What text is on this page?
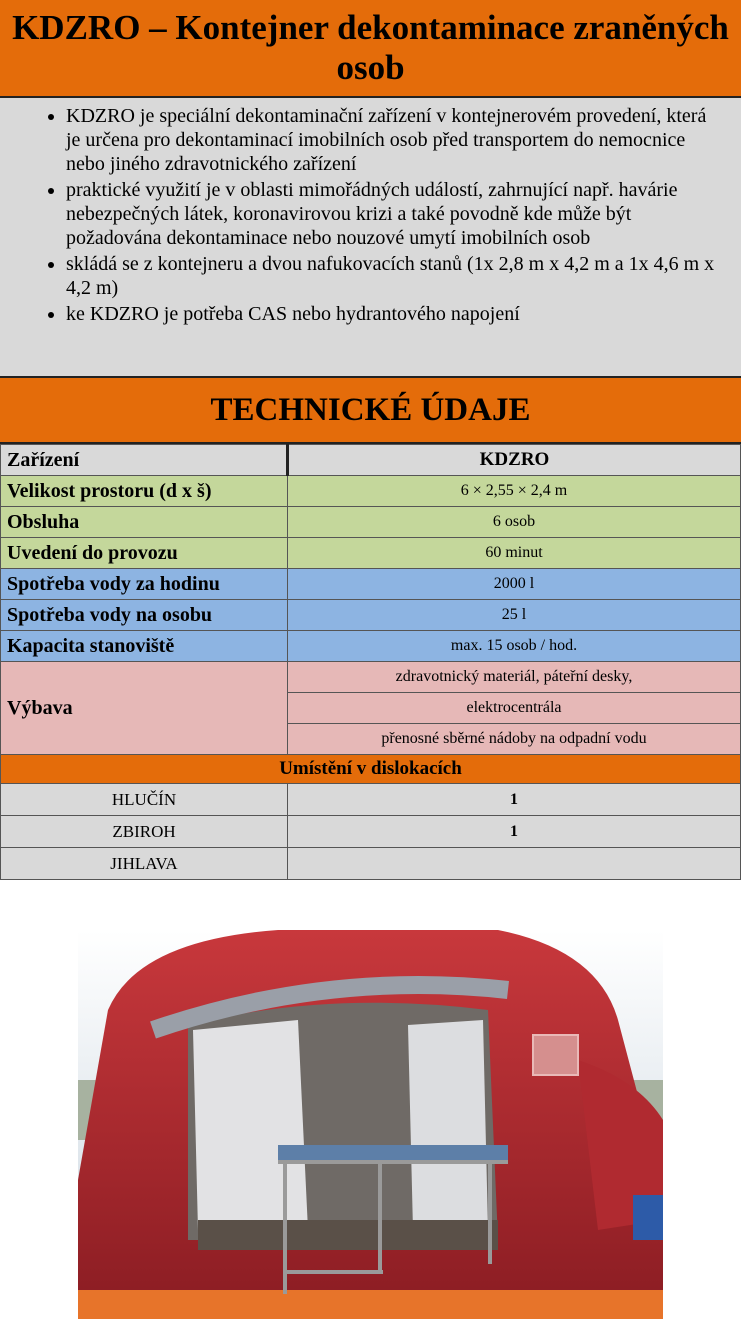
KDZRO – Kontejner dekontaminace zraněných osob
• KDZRO je speciální dekontaminační zařízení v kontejnerovém provedení, která je určena pro dekontaminací imobilních osob před transportem do nemocnice nebo jiného zdravotnického zařízení
• praktické využití je v oblasti mimořádných událostí, zahrnující např. havárie nebezpečných látek, koronavirovou krizi a také povodně kde může být požadována dekontaminace nebo nouzové umytí imobilních osob
• skládá se z kontejneru a dvou nafukovacích stanů (1x 2,8 m x 4,2 m a 1x 4,6 m x 4,2 m)
• ke KDZRO je potřeba CAS nebo hydrantového napojení
TECHNICKÉ ÚDAJE
Zařízení	KDZRO
Velikost prostoru (d x š)	6 × 2,55 × 2,4 m
Obsluha	6 osob
Uvedení do provozu	60 minut
Spotřeba vody za hodinu	2000 l
Spotřeba vody na osobu	25 l
Kapacita stanoviště	max. 15 osob / hod.
Výbava	zdravotnický materiál, páteřní desky,
	elektrocentrála
	přenosné sběrné nádoby na odpadní vodu
Umístění v dislokacích	
HLUČÍN	1
ZBIROH	1
JIHLAVA	
